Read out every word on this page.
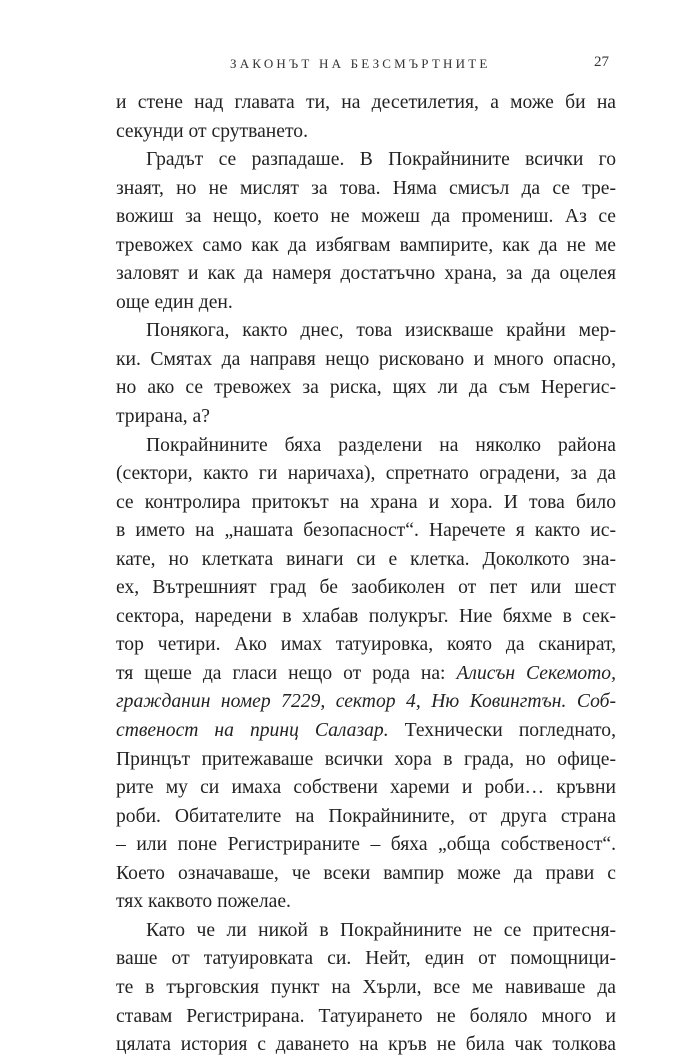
ЗАКОНЪТ НА БЕЗСМЪРТНИТЕ	27
и стене над главата ти, на десетилетия, а може би на
секунди от срутването.
Градът се разпадаше. В Покрайнините всички го
знаят, но не мислят за това. Няма смисъл да се тре-
вожиш за нещо, което не можеш да промениш. Аз се
тревожех само как да избягвам вампирите, как да не ме
заловят и как да намеря достатъчно храна, за да оцелея
още един ден.
Понякога, както днес, това изискваше крайни мер-
ки. Смятах да направя нещо рисковано и много опасно,
но ако се тревожех за риска, щях ли да съм Нерегис-
трирана, а?
Покрайнините бяха разделени на няколко района
(сектори, както ги наричаха), спретнато оградени, за да
се контролира притокът на храна и хора. И това било
в името на „нашата безопасност“. Наречете я както ис-
кате, но клетката винаги си е клетка. Доколкото зна-
ех, Вътрешният град бе заобиколен от пет или шест
сектора, наредени в хлабав полукръг. Ние бяхме в сек-
тор четири. Ако имах татуировка, която да сканират,
тя щеше да гласи нещо от рода на: Алисън Секемото,
гражданин номер 7229, сектор 4, Ню Ковингтън. Соб-
ственост на принц Салазар. Технически погледнато,
Принцът притежаваше всички хора в града, но офице-
рите му си имаха собствени хареми и роби… кръвни
роби. Обитателите на Покрайнините, от друга страна
– или поне Регистрираните – бяха „обща собственост“.
Което означаваше, че всеки вампир може да прави с
тях каквото пожелае.
Като че ли никой в Покрайнините не се притесня-
ваше от татуировката си. Нейт, един от помощници-
те в търговския пункт на Хърли, все ме навиваше да
ставам Регистрирана. Татуирането не боляло много и
цялата история с даването на кръв не била чак толкова
